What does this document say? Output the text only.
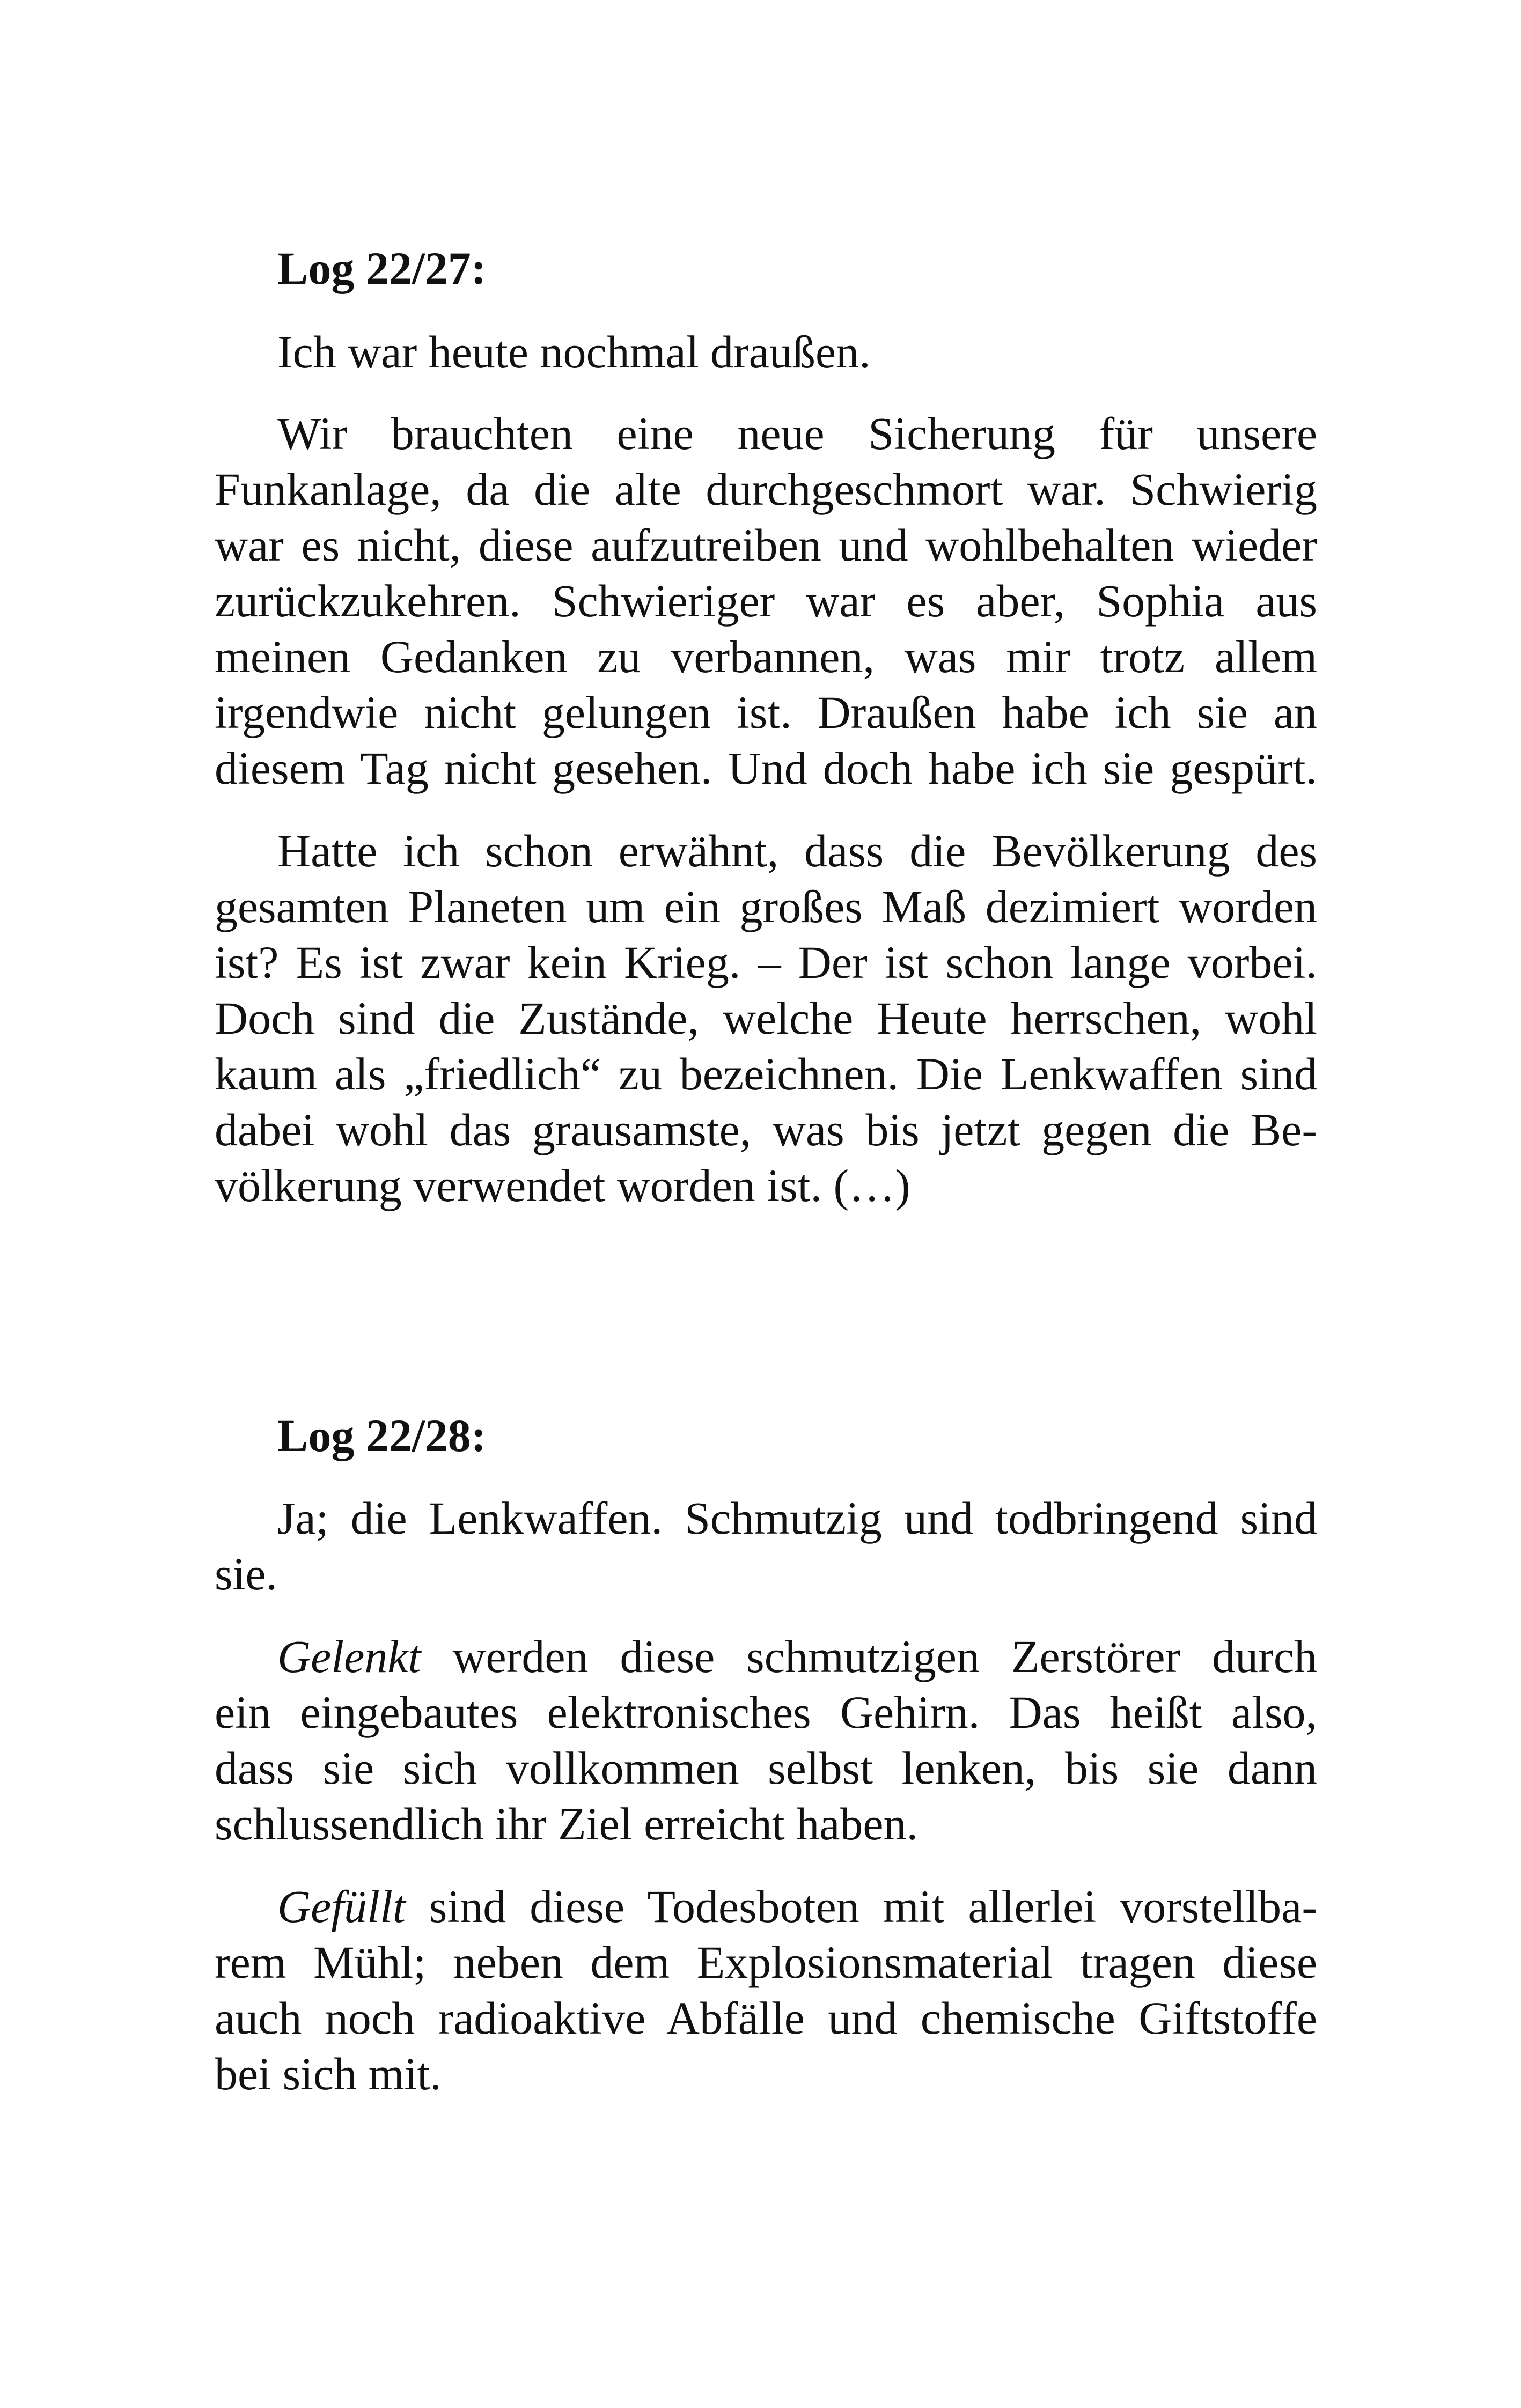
Log 22/27:
Ich war heute nochmal draußen.
Wir brauchten eine neue Sicherung für unsere
Funkanlage, da die alte durchgeschmort war. Schwierig
war es nicht, diese aufzutreiben und wohlbehalten wieder
zurückzukehren. Schwieriger war es aber, Sophia aus
meinen Gedanken zu verbannen, was mir trotz allem
irgendwie nicht gelungen ist. Draußen habe ich sie an
diesem Tag nicht gesehen. Und doch habe ich sie gespürt.
Hatte ich schon erwähnt, dass die Bevölkerung des
gesamten Planeten um ein großes Maß dezimiert worden
ist? Es ist zwar kein Krieg. – Der ist schon lange vorbei.
Doch sind die Zustände, welche Heute herrschen, wohl
kaum als „friedlich“ zu bezeichnen. Die Lenkwaffen sind
dabei wohl das grausamste, was bis jetzt gegen die Be-
völkerung verwendet worden ist. (…)
Log 22/28:
Ja; die Lenkwaffen. Schmutzig und todbringend sind
sie.
Gelenkt werden diese schmutzigen Zerstörer durch
ein eingebautes elektronisches Gehirn. Das heißt also,
dass sie sich vollkommen selbst lenken, bis sie dann
schlussendlich ihr Ziel erreicht haben.
Gefüllt sind diese Todesboten mit allerlei vorstellba-
rem Mühl; neben dem Explosionsmaterial tragen diese
auch noch radioaktive Abfälle und chemische Giftstoffe
bei sich mit.
